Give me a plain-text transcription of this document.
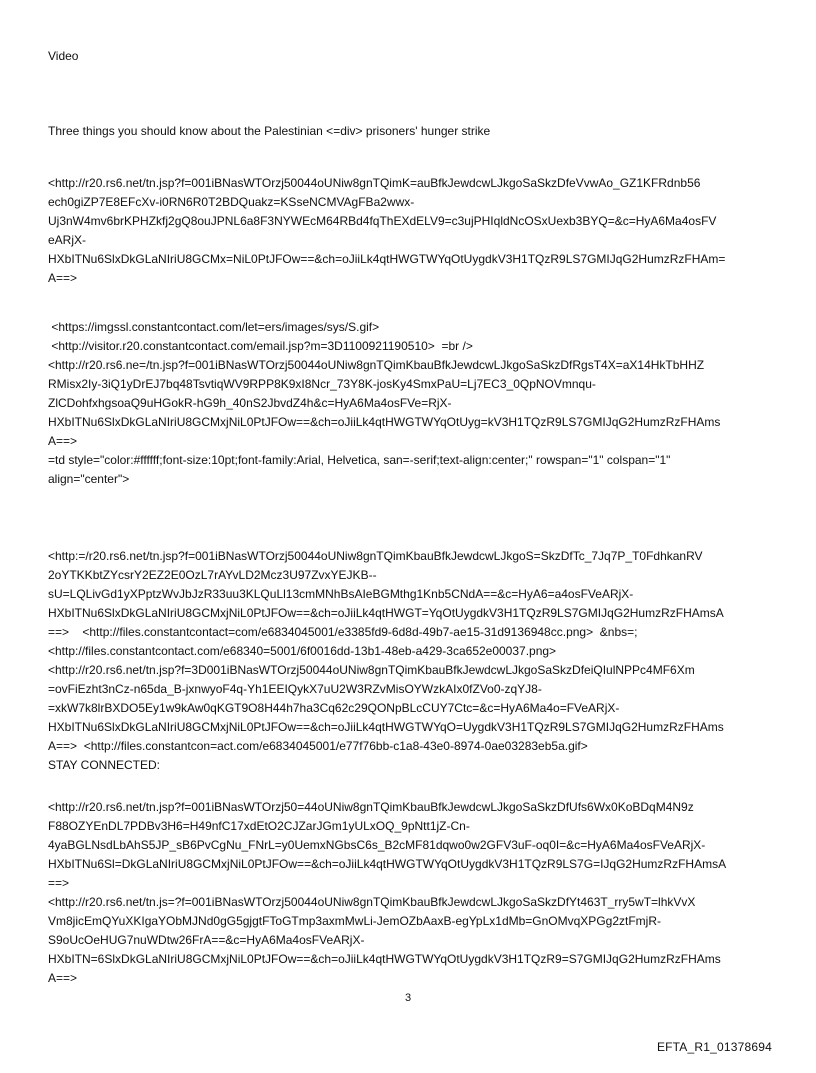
Video

Three things you should know about the Palestinian <=div> prisoners' hunger strike

<http://r20.rs6.net/tn.jsp?f=001iBNasWTOrzj50044oUNiw8gnTQimK=auBfkJewdcwLJkgoSaSkzDfeVvwAo_GZ1KFRdnb56
ech0giZP7E8EFcXv-i0RN6R0T2BDQuakz=KSseNCMVAgFBa2wwx-
Uj3nW4mv6brKPHZkfj2gQ8ouJPNL6a8F3NYWEcM64RBd4fqThEXdELV9=c3ujPHIqldNcOSxUexb3BYQ=&c=HyA6Ma4osFV
eARjX-
HXbITNu6SlxDkGLaNIriU8GCMx=NiL0PtJFOw==&ch=oJiiLk4qtHWGTWYqOtUygdkV3H1TQzR9LS7GMIJqG2HumzRzFHAm=
A==>

<https://imgssl.constantcontact.com/let=ers/images/sys/S.gif>
<http://visitor.r20.constantcontact.com/email.jsp?m=3D1100921190510>  =br />
<http://r20.rs6.ne=/tn.jsp?f=001iBNasWTOrzj50044oUNiw8gnTQimKbauBfkJewdcwLJkgoSaSkzDfRgsT4X=aX14HkTbHHZ
RMisx2Iy-3iQ1yDrEJ7bq48TsvtiqWV9RPP8K9xI8Ncr_73Y8K-josKy4SmxPaU=Lj7EC3_0QpNOVmnqu-
ZlCDohfxhgsoaQ9uHGokR-hG9h_40nS2JbvdZ4h&c=HyA6Ma4osFVe=RjX-
HXbITNu6SlxDkGLaNIriU8GCMxjNiL0PtJFOw==&ch=oJiiLk4qtHWGTWYqOtUyg=kV3H1TQzR9LS7GMIJqG2HumzRzFHAms
A==>
=td style="color:#ffffff;font-size:10pt;font-family:Arial, Helvetica, san=-serif;text-align:center;" rowspan="1" colspan="1"
align="center">

<http:=/r20.rs6.net/tn.jsp?f=001iBNasWTOrzj50044oUNiw8gnTQimKbauBfkJewdcwLJkgoS=SkzDfTc_7Jq7P_T0FdhkanRV
2oYTKKbtZYcsrY2EZ2E0OzL7rAYvLD2Mcz3U97ZvxYEJKB--
sU=LQLivGd1yXPptzWvJbJzR33uu3KLQuLl13cmMNhBsAIeBGMthg1Knb5CNdA==&c=HyA6=a4osFVeARjX-
HXbITNu6SlxDkGLaNIriU8GCMxjNiL0PtJFOw==&ch=oJiiLk4qtHWGT=YqOtUygdkV3H1TQzR9LS7GMIJqG2HumzRzFHAmsA
==>    <http://files.constantcontact=com/e6834045001/e3385fd9-6d8d-49b7-ae15-31d9136948cc.png>  &nbs=;
<http://files.constantcontact.com/e68340=5001/6f0016dd-13b1-48eb-a429-3ca652e00037.png>
<http://r20.rs6.net/tn.jsp?f=3D001iBNasWTOrzj50044oUNiw8gnTQimKbauBfkJewdcwLJkgoSaSkzDfeiQIulNPPc4MF6Xm
=ovFiEzht3nCz-n65da_B-jxnwyoF4q-Yh1EEIQykX7uU2W3RZvMisOYWzkAIx0fZVo0-zqYJ8-
=xkW7k8lrBXDO5Ey1w9kAw0qKGT9O8H44h7ha3Cq62c29QONpBLcCUY7Ctc=&c=HyA6Ma4o=FVeARjX-
HXbITNu6SlxDkGLaNIriU8GCMxjNiL0PtJFOw==&ch=oJiiLk4qtHWGTWYqO=UygdkV3H1TQzR9LS7GMIJqG2HumzRzFHAms
A==>  <http://files.constantcon=act.com/e6834045001/e77f76bb-c1a8-43e0-8974-0ae03283eb5a.gif>
STAY CONNECTED:

<http://r20.rs6.net/tn.jsp?f=001iBNasWTOrzj50=44oUNiw8gnTQimKbauBfkJewdcwLJkgoSaSkzDfUfs6Wx0KoBDqM4N9z
F88OZYEnDL7PDBv3H6=H49nfC17xdEtO2CJZarJGm1yULxOQ_9pNtt1jZ-Cn-
4yaBGLNsdLbAhS5JP_sB6PvCgNu_FNrL=y0UemxNGbsC6s_B2cMF81dqwo0w2GFV3uF-oq0I=&c=HyA6Ma4osFVeARjX-
HXbITNu6Sl=DkGLaNIriU8GCMxjNiL0PtJFOw==&ch=oJiiLk4qtHWGTWYqOtUygdkV3H1TQzR9LS7G=IJqG2HumzRzFHAmsA
==>
<http://r20.rs6.net/tn.js=?f=001iBNasWTOrzj50044oUNiw8gnTQimKbauBfkJewdcwLJkgoSaSkzDfYt463T_rry5wT=lhkVvX
Vm8jicEmQYuXKIgaYObMJNd0gG5gjgtFToGTmp3axmMwLi-JemOZbAaxB-egYpLx1dMb=GnOMvqXPGg2ztFmjR-
S9oUcOeHUG7nuWDtw26FrA==&c=HyA6Ma4osFVeARjX-
HXbITN=6SlxDkGLaNIriU8GCMxjNiL0PtJFOw==&ch=oJiiLk4qtHWGTWYqOtUygdkV3H1TQzR9=S7GMIJqG2HumzRzFHAms
A==>

3
EFTA_R1_01378694
